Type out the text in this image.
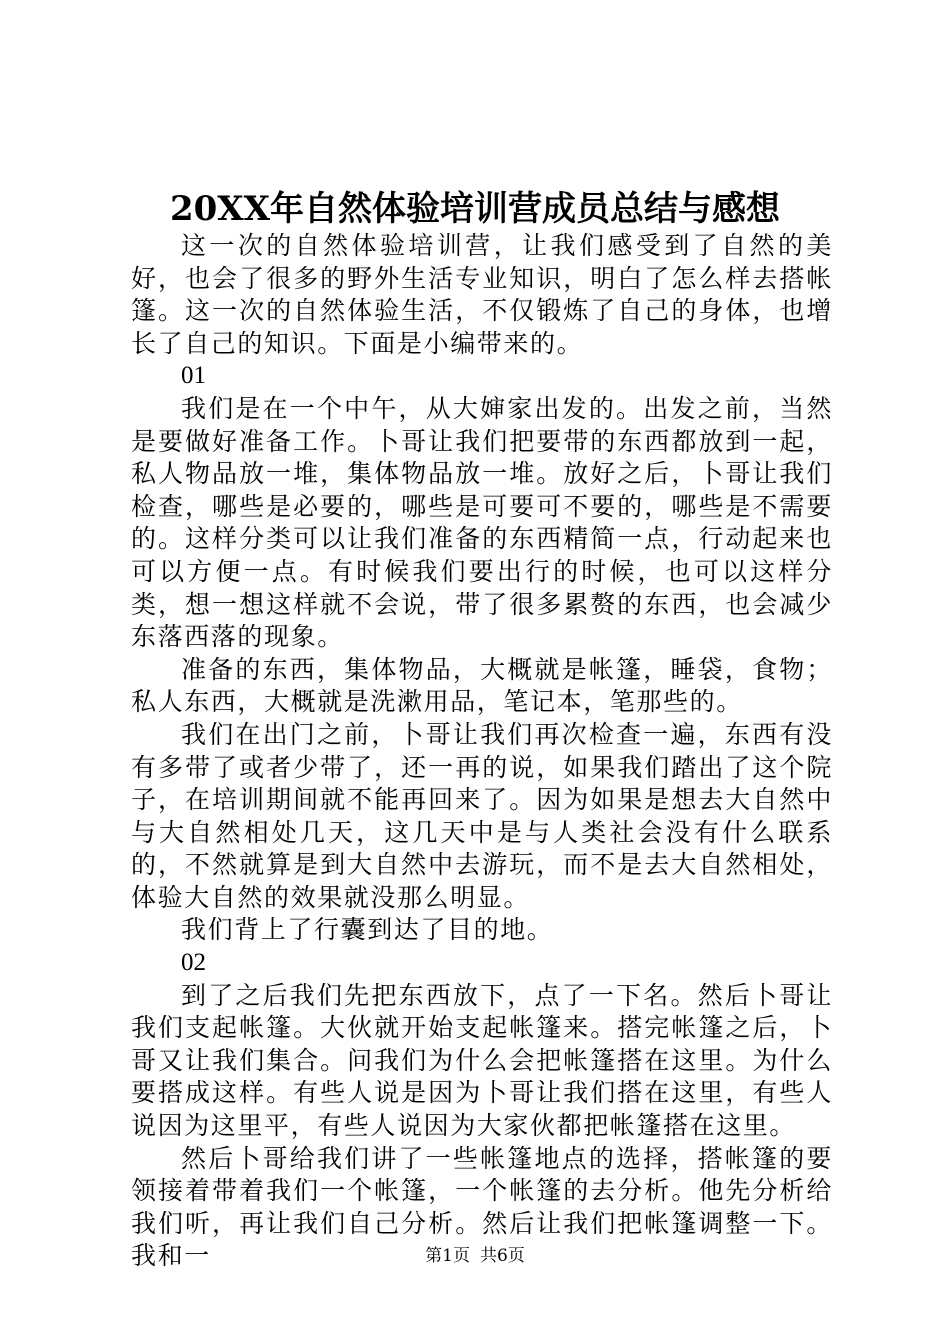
20XX年自然体验培训营成员总结与感想

这一次的自然体验培训营，让我们感受到了自然的美好，也会了很多的野外生活专业知识，明白了怎么样去搭帐篷。这一次的自然体验生活，不仅锻炼了自己的身体，也增长了自己的知识。下面是小编带来的。

01

我们是在一个中午，从大婶家出发的。出发之前，当然是要做好准备工作。卜哥让我们把要带的东西都放到一起，私人物品放一堆，集体物品放一堆。放好之后，卜哥让我们检查，哪些是必要的，哪些是可要可不要的，哪些是不需要的。这样分类可以让我们准备的东西精简一点，行动起来也可以方便一点。有时候我们要出行的时候，也可以这样分类，想一想这样就不会说，带了很多累赘的东西，也会减少东落西落的现象。

准备的东西，集体物品，大概就是帐篷，睡袋，食物；私人东西，大概就是洗漱用品，笔记本，笔那些的。

我们在出门之前，卜哥让我们再次检查一遍，东西有没有多带了或者少带了，还一再的说，如果我们踏出了这个院子，在培训期间就不能再回来了。因为如果是想去大自然中与大自然相处几天，这几天中是与人类社会没有什么联系的，不然就算是到大自然中去游玩，而不是去大自然相处，体验大自然的效果就没那么明显。

我们背上了行囊到达了目的地。

02

到了之后我们先把东西放下，点了一下名。然后卜哥让我们支起帐篷。大伙就开始支起帐篷来。搭完帐篷之后，卜哥又让我们集合。问我们为什么会把帐篷搭在这里。为什么要搭成这样。有些人说是因为卜哥让我们搭在这里，有些人说因为这里平，有些人说因为大家伙都把帐篷搭在这里。

然后卜哥给我们讲了一些帐篷地点的选择，搭帐篷的要领接着带着我们一个帐篷，一个帐篷的去分析。他先分析给我们听，再让我们自己分析。然后让我们把帐篷调整一下。我和一	第1页 共6页
